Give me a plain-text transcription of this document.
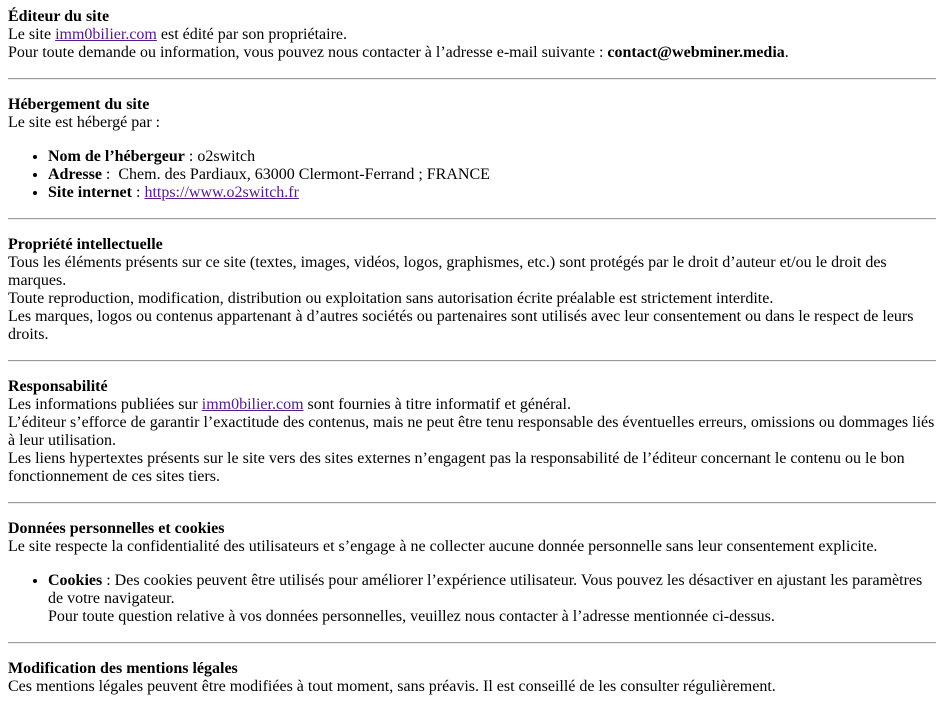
Éditeur du site
Le site imm0bilier.com est édité par son propriétaire.
Pour toute demande ou information, vous pouvez nous contacter à l’adresse e-mail suivante : contact@webminer.media.

Hébergement du site
Le site est hébergé par :

• Nom de l’hébergeur : o2switch
• Adresse :  Chem. des Pardiaux, 63000 Clermont-Ferrand ; FRANCE
• Site internet : https://www.o2switch.fr

Propriété intellectuelle
Tous les éléments présents sur ce site (textes, images, vidéos, logos, graphismes, etc.) sont protégés par le droit d’auteur et/ou le droit des marques.
Toute reproduction, modification, distribution ou exploitation sans autorisation écrite préalable est strictement interdite.
Les marques, logos ou contenus appartenant à d’autres sociétés ou partenaires sont utilisés avec leur consentement ou dans le respect de leurs droits.

Responsabilité
Les informations publiées sur imm0bilier.com sont fournies à titre informatif et général.
L’éditeur s’efforce de garantir l’exactitude des contenus, mais ne peut être tenu responsable des éventuelles erreurs, omissions ou dommages liés à leur utilisation.
Les liens hypertextes présents sur le site vers des sites externes n’engagent pas la responsabilité de l’éditeur concernant le contenu ou le bon fonctionnement de ces sites tiers.

Données personnelles et cookies
Le site respecte la confidentialité des utilisateurs et s’engage à ne collecter aucune donnée personnelle sans leur consentement explicite.

• Cookies : Des cookies peuvent être utilisés pour améliorer l’expérience utilisateur. Vous pouvez les désactiver en ajustant les paramètres de votre navigateur.
Pour toute question relative à vos données personnelles, veuillez nous contacter à l’adresse mentionnée ci-dessus.

Modification des mentions légales
Ces mentions légales peuvent être modifiées à tout moment, sans préavis. Il est conseillé de les consulter régulièrement.
